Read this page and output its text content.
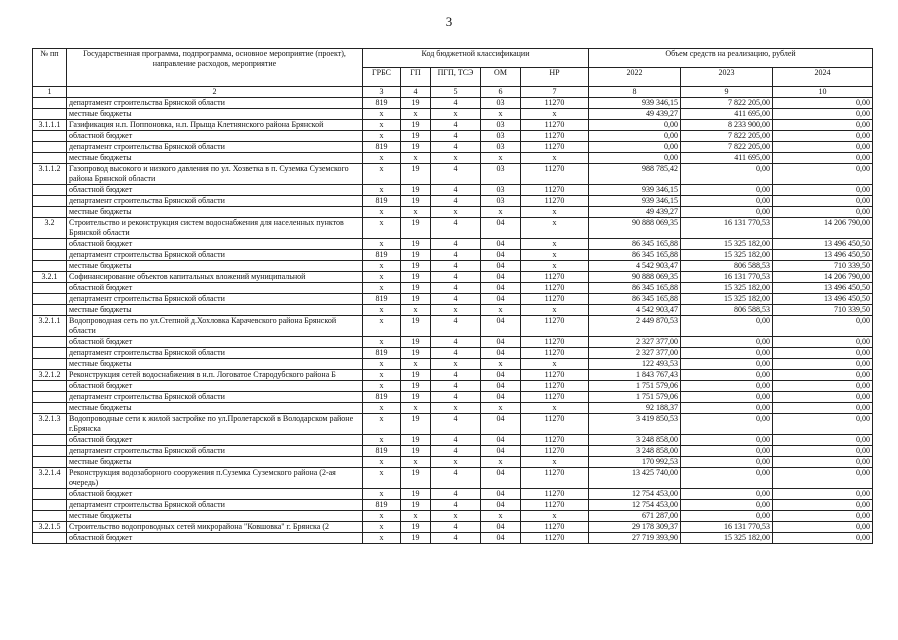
3
№ пп	Государственная программа, подпрограмма, основное мероприятие (проект), направление расходов, мероприятие	Код бюджетной классификации					Объем средств на реализацию, рублей		
		ГРБС	ГП	ПГП, ТСЭ	ОМ	НР	2022	2023	2024
1	2	3	4	5	6	7	8	9	10
	департамент строительства Брянской области	819	19	4	03	11270	939 346,15	7 822 205,00	0,00
	местные бюджеты	x	x	x	x	x	49 439,27	411 695,00	0,00
3.1.1.1	Газификация н.п. Поппоновка, н.п. Прыща Клетнянского района Брянской	x	19	4	03	11270	0,00	8 233 900,00	0,00
	областной бюджет	x	19	4	03	11270	0,00	7 822 205,00	0,00
	департамент строительства Брянской области	819	19	4	03	11270	0,00	7 822 205,00	0,00
	местные бюджеты	x	x	x	x	x	0,00	411 695,00	0,00
3.1.1.2	Газопровод высокого и низкого давления по ул. Хозветка в п. Суземка Суземского района Брянской области	x	19	4	03	11270	988 785,42	0,00	0,00
	областной бюджет	x	19	4	03	11270	939 346,15	0,00	0,00
	департамент строительства Брянской области	819	19	4	03	11270	939 346,15	0,00	0,00
	местные бюджеты	x	x	x	x	x	49 439,27	0,00	0,00
3.2	Строительство и реконструкция систем водоснабжения для населенных пунктов Брянской области	x	19	4	04	x	90 888 069,35	16 131 770,53	14 206 790,00
	областной бюджет	x	19	4	04	x	86 345 165,88	15 325 182,00	13 496 450,50
	департамент строительства Брянской области	819	19	4	04	x	86 345 165,88	15 325 182,00	13 496 450,50
	местные бюджеты	x	19	4	04	x	4 542 903,47	806 588,53	710 339,50
3.2.1	Софинансирование объектов капитальных вложений муниципальной	x	19	4	04	11270	90 888 069,35	16 131 770,53	14 206 790,00
	областной бюджет	x	19	4	04	11270	86 345 165,88	15 325 182,00	13 496 450,50
	департамент строительства Брянской области	819	19	4	04	11270	86 345 165,88	15 325 182,00	13 496 450,50
	местные бюджеты	x	x	x	x	x	4 542 903,47	806 588,53	710 339,50
3.2.1.1	Водопроводная сеть по ул.Степной д.Хохловка Карачевского района Брянской области	x	19	4	04	11270	2 449 870,53	0,00	0,00
	областной бюджет	x	19	4	04	11270	2 327 377,00	0,00	0,00
	департамент строительства Брянской области	819	19	4	04	11270	2 327 377,00	0,00	0,00
	местные бюджеты	x	x	x	x	x	122 493,53	0,00	0,00
3.2.1.2	Реконструкция сетей водоснабжения в н.п. Логоватое Стародубского района Б	x	19	4	04	11270	1 843 767,43	0,00	0,00
	областной бюджет	x	19	4	04	11270	1 751 579,06	0,00	0,00
	департамент строительства Брянской области	819	19	4	04	11270	1 751 579,06	0,00	0,00
	местные бюджеты	x	x	x	x	x	92 188,37	0,00	0,00
3.2.1.3	Водопроводные сети к жилой застройке по ул.Пролетарской в Володарском районе г.Брянска	x	19	4	04	11270	3 419 850,53	0,00	0,00
	областной бюджет	x	19	4	04	11270	3 248 858,00	0,00	0,00
	департамент строительства Брянской области	819	19	4	04	11270	3 248 858,00	0,00	0,00
	местные бюджеты	x	x	x	x	x	170 992,53	0,00	0,00
3.2.1.4	Реконструкция водозаборного сооружения п.Суземка Суземского района (2-ая очередь)	x	19	4	04	11270	13 425 740,00	0,00	0,00
	областной бюджет	x	19	4	04	11270	12 754 453,00	0,00	0,00
	департамент строительства Брянской области	819	19	4	04	11270	12 754 453,00	0,00	0,00
	местные бюджеты	x	x	x	x	x	671 287,00	0,00	0,00
3.2.1.5	Строительство водопроводных сетей микрорайона "Ковшовка" г. Брянска (2	x	19	4	04	11270	29 178 309,37	16 131 770,53	0,00
	областной бюджет	x	19	4	04	11270	27 719 393,90	15 325 182,00	0,00
